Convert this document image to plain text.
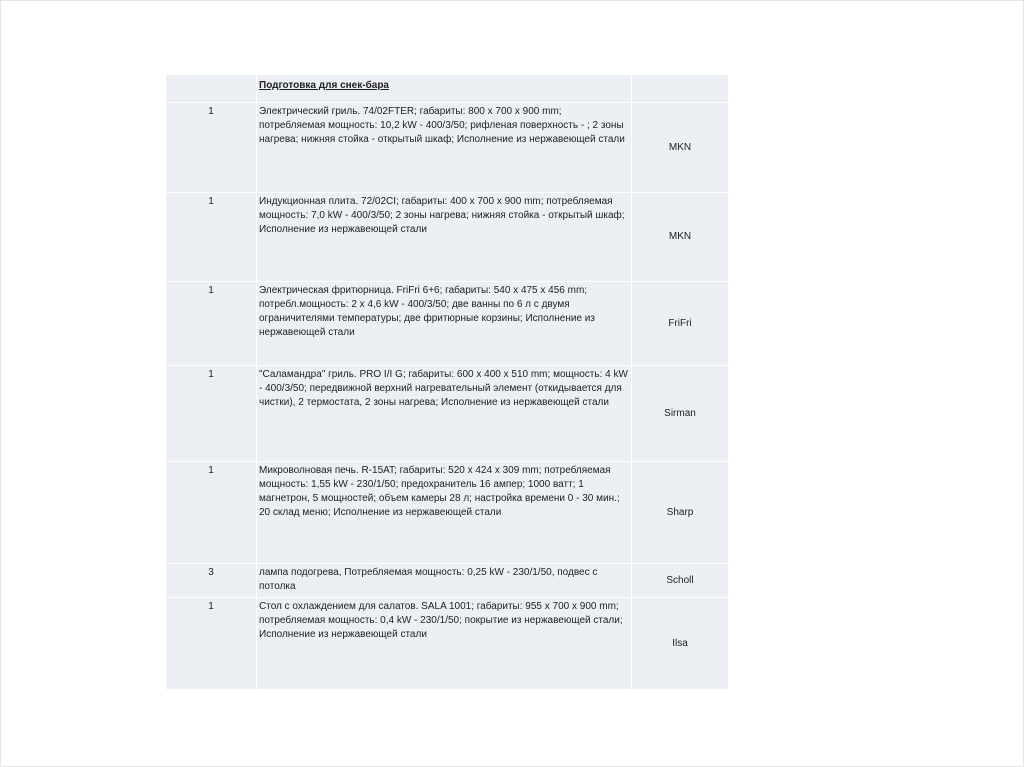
	Подготовка для снек-бара	
1	Электрический гриль. 74/02FTER; габариты: 800 x 700 x 900 mm; потребляемая мощность: 10,2 kW - 400/3/50; рифленая поверхность - ; 2 зоны нагрева; нижняя стойка - открытый шкаф; Исполнение из нержавеющей стали	MKN
1	Индукционная плита. 72/02CI; габариты: 400 x 700 x 900 mm; потребляемая мощность: 7,0 kW - 400/3/50; 2 зоны нагрева; нижняя стойка - открытый шкаф; Исполнение из нержавеющей стали	MKN
1	Электрическая фритюрница. FriFri 6+6; габариты: 540 x 475 x 456 mm; потребл.мощность: 2 x 4,6 kW - 400/3/50; две ванны по 6 л с двумя ограничителями температуры; две фритюрные корзины; Исполнение из нержавеющей стали	FriFri
1	"Саламандра" гриль. PRO I/I G; габариты: 600 x 400 x 510 mm; мощность: 4 kW - 400/3/50; передвижной верхний нагревательный элемент (откидывается для чистки), 2 термостата, 2 зоны нагрева; Исполнение из нержавеющей стали	Sirman
1	Микроволновая печь. R-15AT; габариты: 520 x 424 x 309 mm; потребляемая мощность: 1,55 kW - 230/1/50; предохранитель 16 ампер; 1000 ватт; 1 магнетрон, 5 мощностей; объем камеры 28 л; настройка времени 0 - 30 мин.; 20 склад меню; Исполнение из нержавеющей стали	Sharp
3	лампа подогрева, Потребляемая мощность: 0,25 kW - 230/1/50, подвес с потолка	Scholl
1	Стол с охлаждением для салатов. SALA 1001; габариты: 955 x 700 x 900 mm; потребляемая мощность: 0,4 kW - 230/1/50; покрытие из нержавеющей стали; Исполнение из нержавеющей стали	Ilsa
